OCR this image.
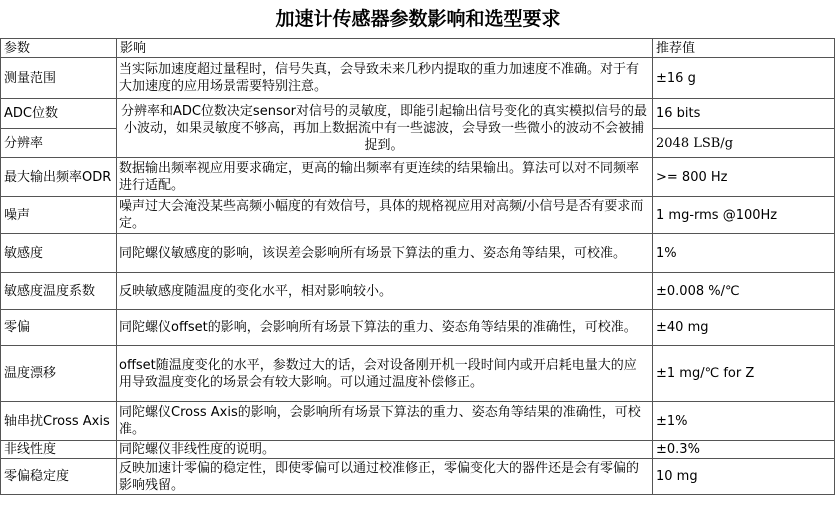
加速计传感器参数影响和选型要求
参数	影响	推荐值
测量范围	当实际加速度超过量程时，信号失真，会导致未来几秒内提取的重力加速度不准确。对于有大加速度的应用场景需要特别注意。	±16 g
ADC位数	分辨率和ADC位数决定sensor对信号的灵敏度，即能引起输出信号变化的真实模拟信号的最小波动，如果灵敏度不够高，再加上数据流中有一些滤波，会导致一些微小的波动不会被捕捉到。	16 bits
分辨率		2048 LSB/g
最大输出频率ODR	数据输出频率视应用要求确定，更高的输出频率有更连续的结果输出。算法可以对不同频率进行适配。	>= 800 Hz
噪声	噪声过大会淹没某些高频小幅度的有效信号，具体的规格视应用对高频/小信号是否有要求而定。	1 mg-rms @100Hz
敏感度	同陀螺仪敏感度的影响，该误差会影响所有场景下算法的重力、姿态角等结果，可校准。	1%
敏感度温度系数	反映敏感度随温度的变化水平，相对影响较小。	±0.008 %/℃
零偏	同陀螺仪offset的影响，会影响所有场景下算法的重力、姿态角等结果的准确性，可校准。	±40 mg
温度漂移	offset随温度变化的水平，参数过大的话，会对设备刚开机一段时间内或开启耗电量大的应用导致温度变化的场景会有较大影响。可以通过温度补偿修正。	±1 mg/℃ for Z
轴串扰Cross Axis	同陀螺仪Cross Axis的影响，会影响所有场景下算法的重力、姿态角等结果的准确性，可校准。	±1%
非线性度	同陀螺仪非线性度的说明。	±0.3%
零偏稳定度	反映加速计零偏的稳定性，即使零偏可以通过校准修正，零偏变化大的器件还是会有零偏的影响残留。	10 mg
